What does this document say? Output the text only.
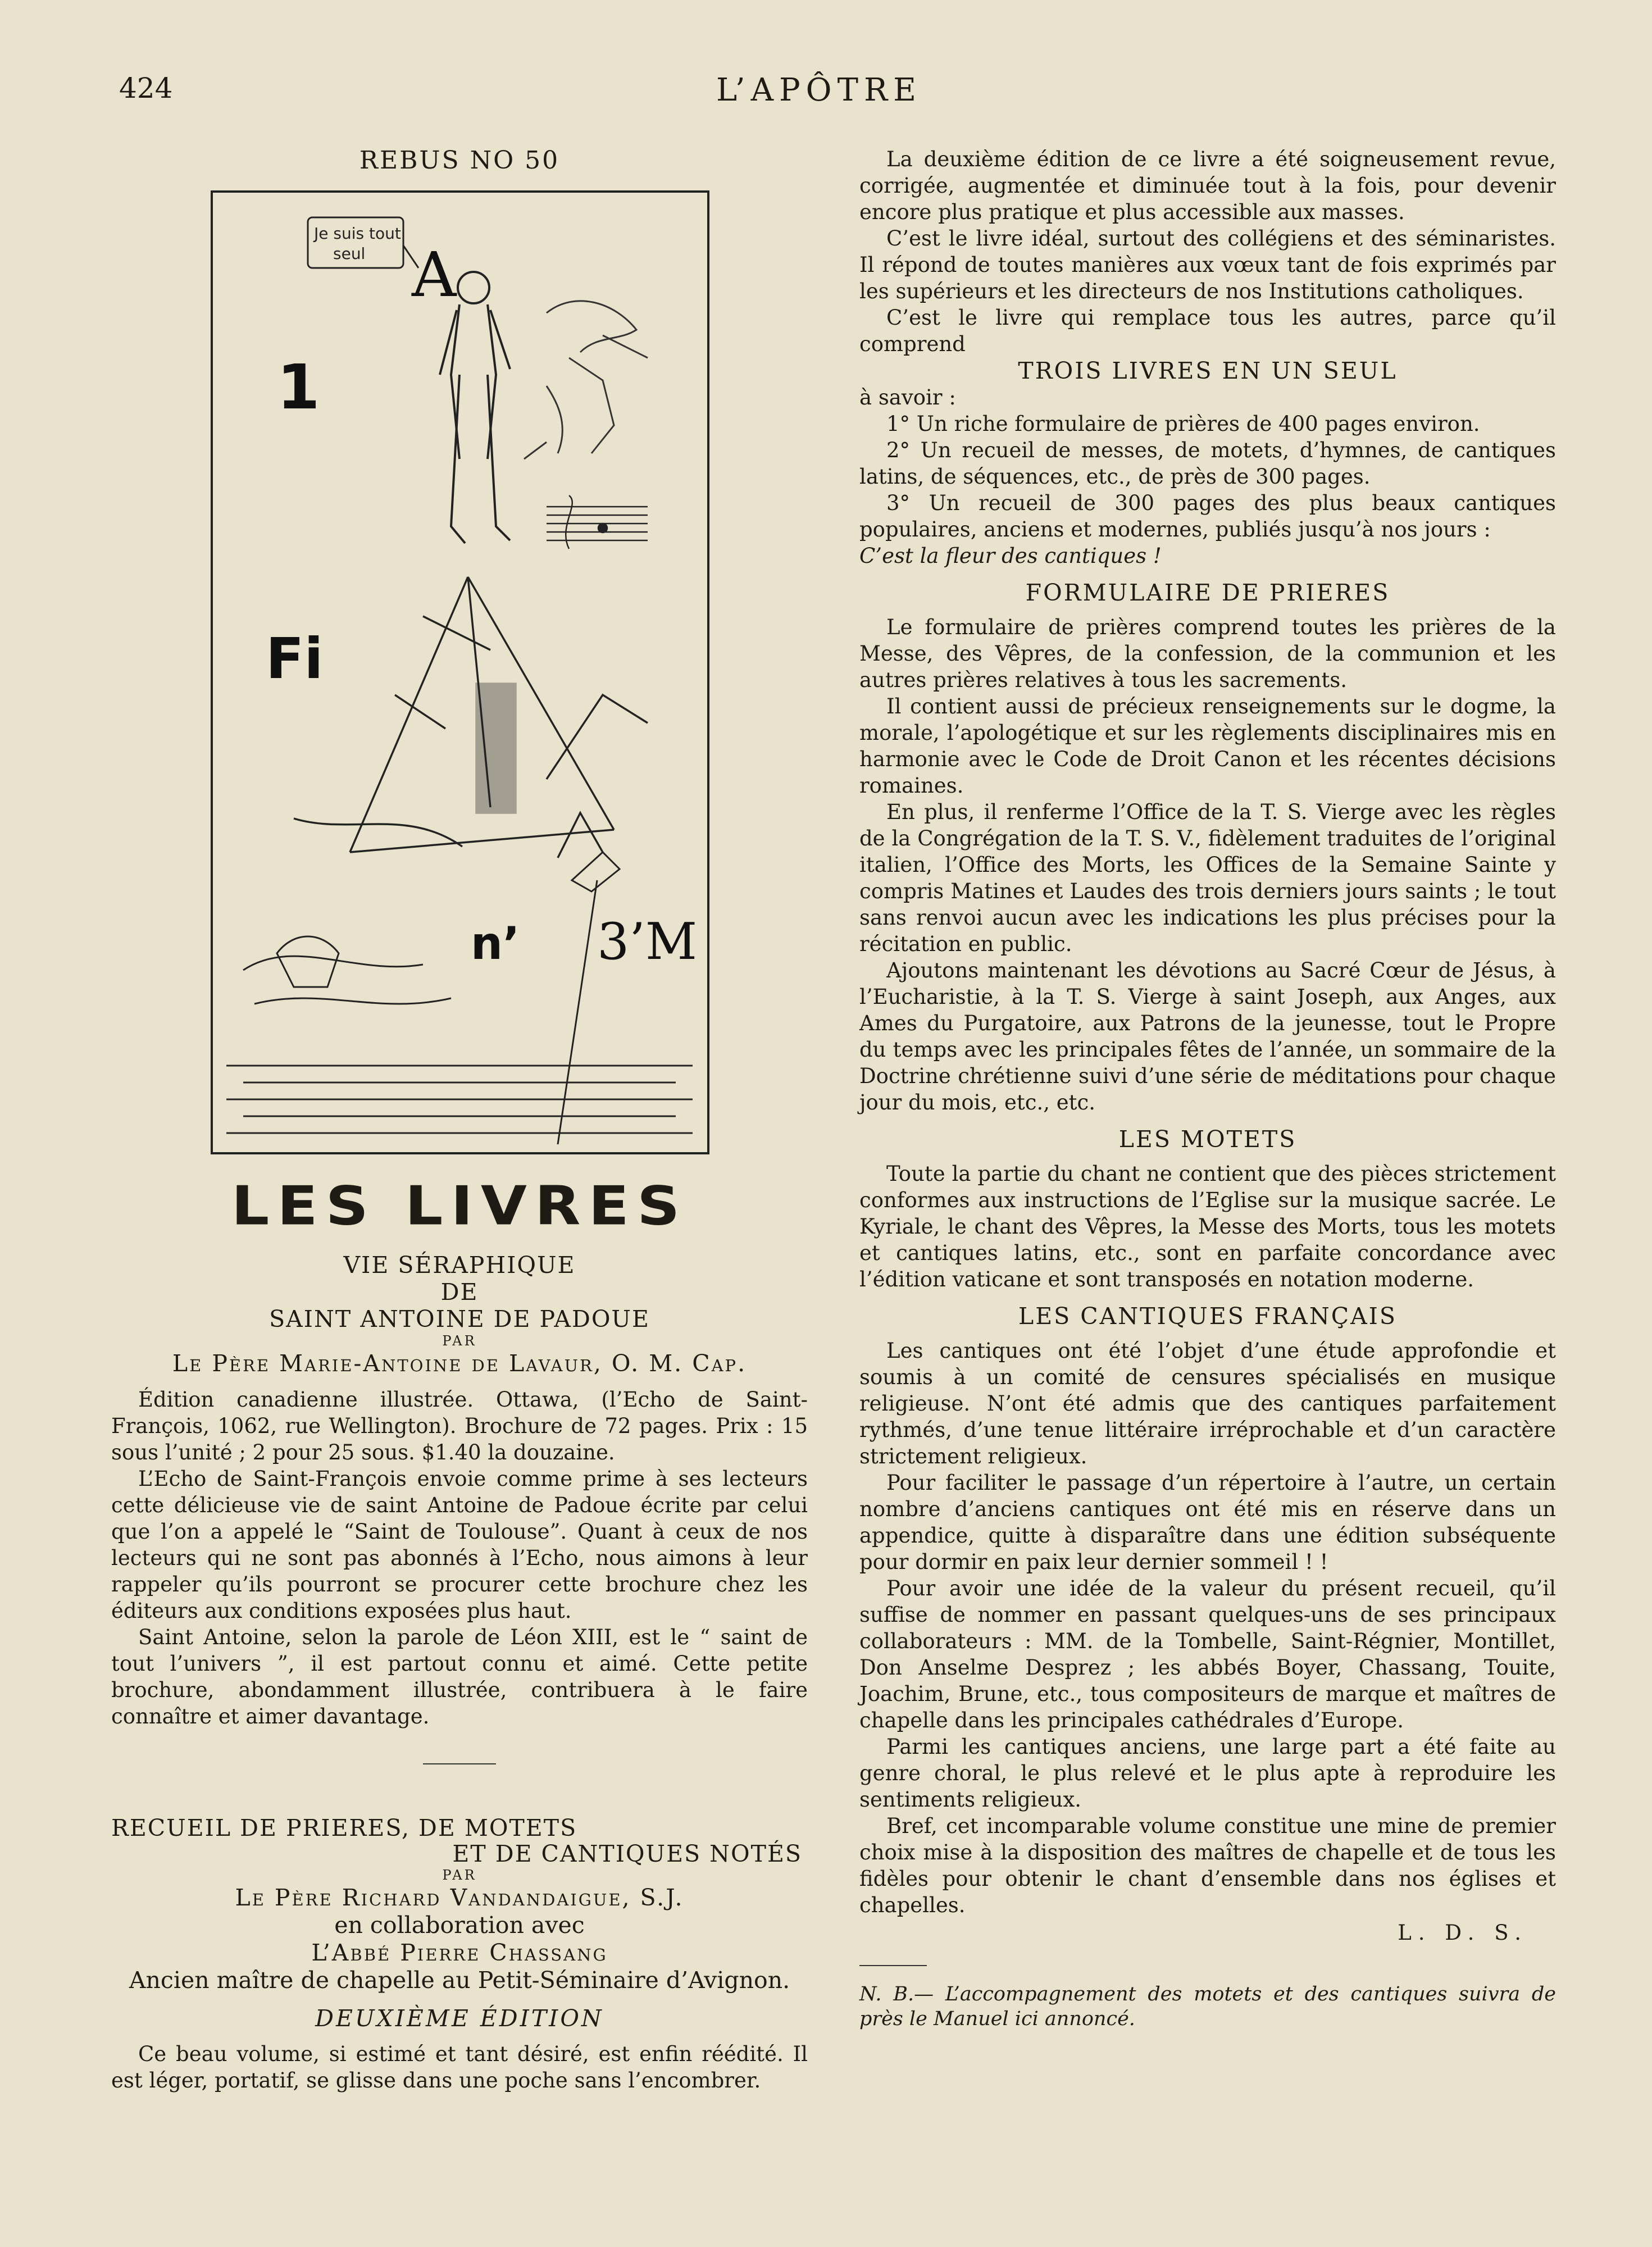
424	L’APÔTRE
REBUS NO 50
Je suis tout
seul A
1
Fi
n’ 3’M
LES LIVRES
VIE SÉRAPHIQUE
DE
SAINT ANTOINE DE PADOUE
PAR
Le Père Marie-Antoine de Lavaur, O. M. Cap.

Édition canadienne illustrée. Ottawa, (l’Echo de Saint-François, 1062, rue Wellington). Brochure de 72 pages. Prix : 15 sous l’unité ; 2 pour 25 sous. $1.40 la douzaine.

L’Echo de Saint-François envoie comme prime à ses lecteurs cette délicieuse vie de saint Antoine de Padoue écrite par celui que l’on a appelé le “Saint de Toulouse”. Quant à ceux de nos lecteurs qui ne sont pas abonnés à l’Echo, nous aimons à leur rappeler qu’ils pourront se procurer cette brochure chez les éditeurs aux conditions exposées plus haut.

Saint Antoine, selon la parole de Léon XIII, est le “ saint de tout l’univers ”, il est partout connu et aimé. Cette petite brochure, abondamment illustrée, contribuera à le faire connaître et aimer davantage.

RECUEIL DE PRIERES, DE MOTETS
ET DE CANTIQUES NOTÉS
PAR
Le Père Richard Vandandaigue, S.J.
en collaboration avec
L’Abbé Pierre Chassang
Ancien maître de chapelle au Petit-Séminaire d’Avignon.
DEUXIÈME ÉDITION

Ce beau volume, si estimé et tant désiré, est enfin réédité. Il est léger, portatif, se glisse dans une poche sans l’encombrer.

La deuxième édition de ce livre a été soigneusement revue, corrigée, augmentée et diminuée tout à la fois, pour devenir encore plus pratique et plus accessible aux masses.

C’est le livre idéal, surtout des collégiens et des séminaristes. Il répond de toutes manières aux vœux tant de fois exprimés par les supérieurs et les directeurs de nos Institutions catholiques.

C’est le livre qui remplace tous les autres, parce qu’il comprend

TROIS LIVRES EN UN SEUL

à savoir :

1° Un riche formulaire de prières de 400 pages environ.

2° Un recueil de messes, de motets, d’hymnes, de cantiques latins, de séquences, etc., de près de 300 pages.

3° Un recueil de 300 pages des plus beaux cantiques populaires, anciens et modernes, publiés jusqu’à nos jours :

C’est la fleur des cantiques !
FORMULAIRE DE PRIERES

Le formulaire de prières comprend toutes les prières de la Messe, des Vêpres, de la confession, de la communion et les autres prières relatives à tous les sacrements.

Il contient aussi de précieux renseignements sur le dogme, la morale, l’apologétique et sur les règlements disciplinaires mis en harmonie avec le Code de Droit Canon et les récentes décisions romaines.

En plus, il renferme l’Office de la T. S. Vierge avec les règles de la Congrégation de la T. S. V., fidèlement traduites de l’original italien, l’Office des Morts, les Offices de la Semaine Sainte y compris Matines et Laudes des trois derniers jours saints ; le tout sans renvoi aucun avec les indications les plus précises pour la récitation en public.

Ajoutons maintenant les dévotions au Sacré Cœur de Jésus, à l’Eucharistie, à la T. S. Vierge à saint Joseph, aux Anges, aux Ames du Purgatoire, aux Patrons de la jeunesse, tout le Propre du temps avec les principales fêtes de l’année, un sommaire de la Doctrine chrétienne suivi d’une série de méditations pour chaque jour du mois, etc., etc.

LES MOTETS

Toute la partie du chant ne contient que des pièces strictement conformes aux instructions de l’Eglise sur la musique sacrée. Le Kyriale, le chant des Vêpres, la Messe des Morts, tous les motets et cantiques latins, etc., sont en parfaite concordance avec l’édition vaticane et sont transposés en notation moderne.

LES CANTIQUES FRANÇAIS

Les cantiques ont été l’objet d’une étude approfondie et soumis à un comité de censures spécialisés en musique religieuse. N’ont été admis que des cantiques parfaitement rythmés, d’une tenue littéraire irréprochable et d’un caractère strictement religieux.

Pour faciliter le passage d’un répertoire à l’autre, un certain nombre d’anciens cantiques ont été mis en réserve dans un appendice, quitte à disparaître dans une édition subséquente pour dormir en paix leur dernier sommeil ! !

Pour avoir une idée de la valeur du présent recueil, qu’il suffise de nommer en passant quelques-uns de ses principaux collaborateurs : MM. de la Tombelle, Saint-Régnier, Montillet, Don Anselme Desprez ; les abbés Boyer, Chassang, Touite, Joachim, Brune, etc., tous compositeurs de marque et maîtres de chapelle dans les principales cathédrales d’Europe.

Parmi les cantiques anciens, une large part a été faite au genre choral, le plus relevé et le plus apte à reproduire les sentiments religieux.

Bref, cet incomparable volume constitue une mine de premier choix mise à la disposition des maîtres de chapelle et de tous les fidèles pour obtenir le chant d’ensemble dans nos églises et chapelles.

L. D. S.
N. B.— L’accompagnement des motets et des cantiques suivra de près le Manuel ici annoncé.
